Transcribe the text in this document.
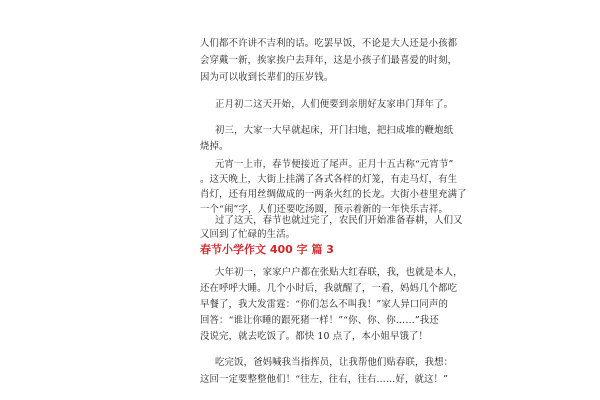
人们都不许讲不吉利的话。吃罢早饭，不论是大人还是小孩都
会穿戴一新，挨家挨户去拜年，这是小孩子们最喜爱的时刻，
因为可以收到长辈们的压岁钱。
正月初二这天开始，人们便要到亲朋好友家串门拜年了。
初三，大家一大早就起床，开门扫地，把扫成堆的鞭炮纸
烧掉。
元宵一上市，春节便接近了尾声。正月十五古称“元宵节”
。这天晚上，大街上挂满了各式各样的灯笼，有走马灯，有生
肖灯，还有用丝绸做成的一两条火红的长龙。大街小巷里充满了
一个“闹”字，人们还要吃汤圆，预示着新的一年快乐吉祥。
过了这天，春节也就过完了，农民们开始准备春耕，人们又
又回到了忙碌的生活。
春节小学作文 400 字 篇 3
大年初一，家家户户都在张贴大红春联，我，也就是本人，
还在呼呼大睡。几个小时后，我就醒了，一看，妈妈几个都吃
早餐了，我大发雷霆：“你们怎么不叫我！”家人异口同声的
回答：“谁让你睡的跟死猪一样！”“你、你、你……”我还
没说完，就去吃饭了。都快 10 点了，本小姐早饿了！
吃完饭，爸妈喊我当指挥员，让我帮他们贴春联，我想：
这回一定要整整他们！“往左，往右，往右……好，就这！”
